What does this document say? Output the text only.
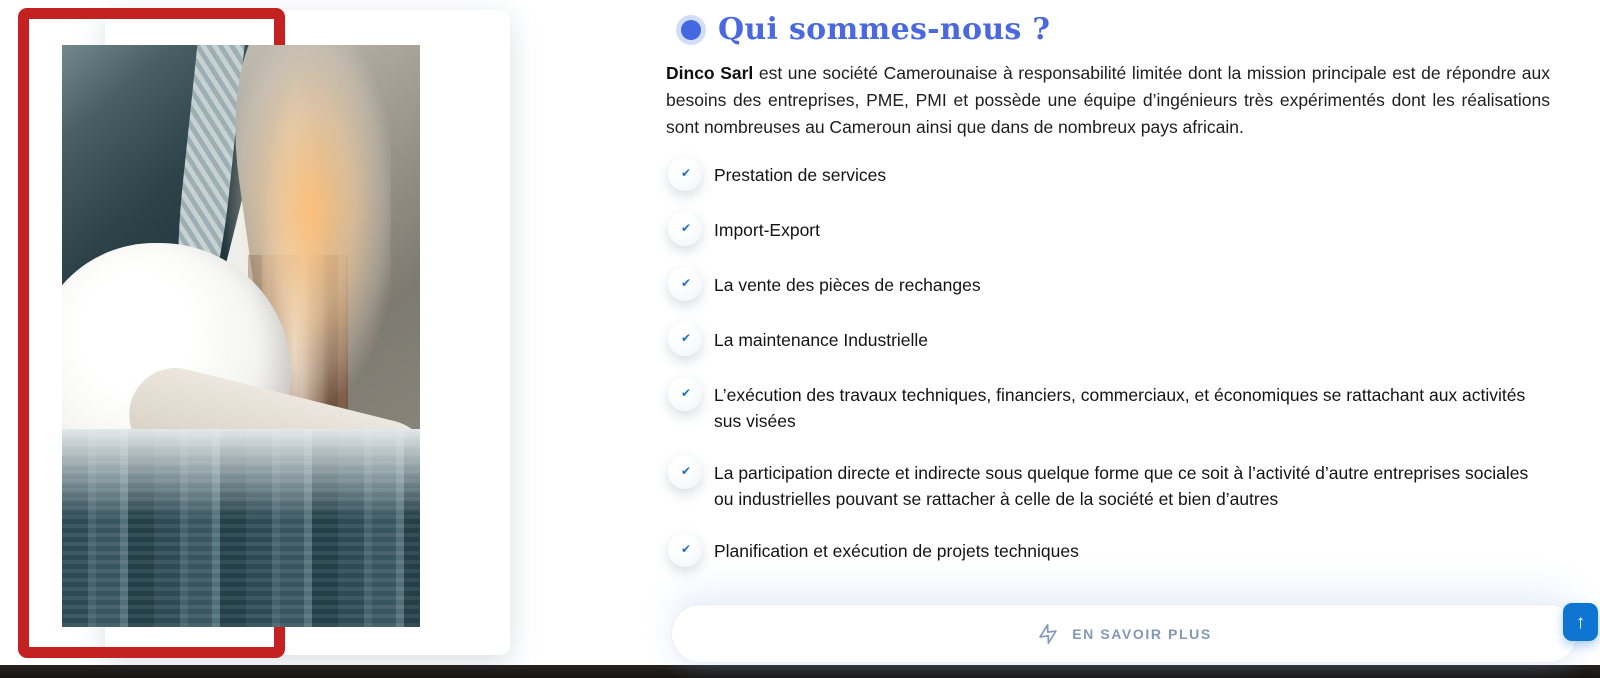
Qui sommes-nous ?

Dinco Sarl est une société Camerounaise à responsabilité limitée dont la mission principale est de répondre aux besoins des entreprises, PME, PMI et possède une équipe d’ingénieurs très expérimentés dont les réalisations sont nombreuses au Cameroun ainsi que dans de nombreux pays africain.

✔ Prestation de services
✔ Import-Export
✔ La vente des pièces de rechanges
✔ La maintenance Industrielle
✔ L’exécution des travaux techniques, financiers, commerciaux, et économiques se rattachant aux activités sus visées
✔ La participation directe et indirecte sous quelque forme que ce soit à l’activité d’autre entreprises sociales ou industrielles pouvant se rattacher à celle de la société et bien d’autres
✔ Planification et exécution de projets techniques
EN SAVOIR PLUS
↑
